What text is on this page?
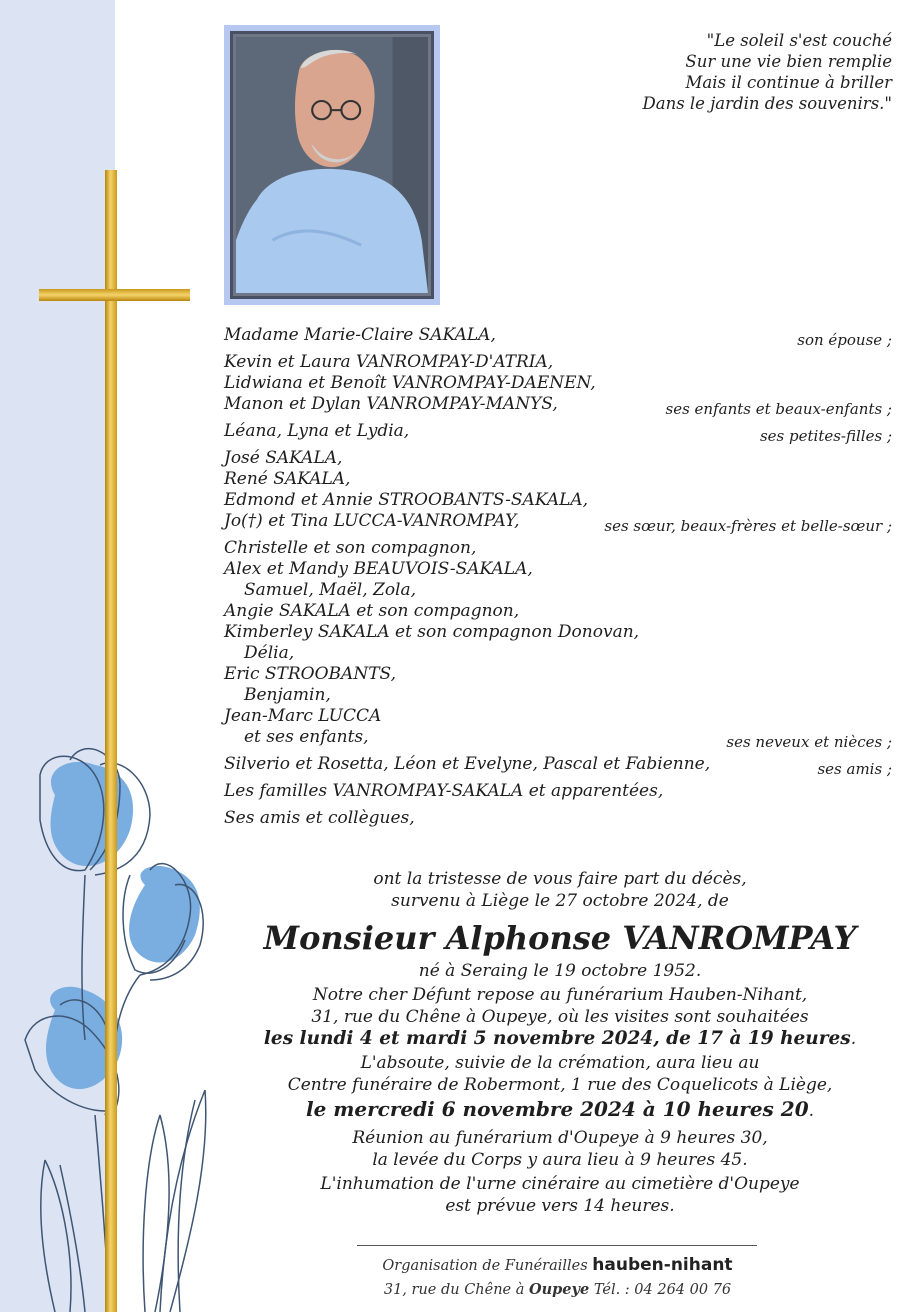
"Le soleil s'est couché
Sur une vie bien remplie
Mais il continue à briller
Dans le jardin des souvenirs."
Madame Marie-Claire SAKALA,	son épouse ;
Kevin et Laura VANROMPAY-D'ATRIA,
Lidwiana et Benoît VANROMPAY-DAENEN,
Manon et Dylan VANROMPAY-MANYS,	ses enfants et beaux-enfants ;
Léana, Lyna et Lydia,	ses petites-filles ;
José SAKALA,
René SAKALA,
Edmond et Annie STROOBANTS-SAKALA,
Jo(†) et Tina LUCCA-VANROMPAY,	ses sœur, beaux-frères et belle-sœur ;
Christelle et son compagnon,
Alex et Mandy BEAUVOIS-SAKALA,
Samuel, Maël, Zola,
Angie SAKALA et son compagnon,
Kimberley SAKALA et son compagnon Donovan,
Délia,
Eric STROOBANTS,
Benjamin,
Jean-Marc LUCCA
et ses enfants,	ses neveux et nièces ;
Silverio et Rosetta, Léon et Evelyne, Pascal et Fabienne,	ses amis ;
Les familles VANROMPAY-SAKALA et apparentées,
Ses amis et collègues,
ont la tristesse de vous faire part du décès,
survenu à Liège le 27 octobre 2024, de
Monsieur Alphonse VANROMPAY
né à Seraing le 19 octobre 1952.
Notre cher Défunt repose au funérarium Hauben-Nihant,
31, rue du Chêne à Oupeye, où les visites sont souhaitées
les lundi 4 et mardi 5 novembre 2024, de 17 à 19 heures.
L'absoute, suivie de la crémation, aura lieu au
Centre funéraire de Robermont, 1 rue des Coquelicots à Liège,
le mercredi 6 novembre 2024 à 10 heures 20.
Réunion au funérarium d'Oupeye à 9 heures 30,
la levée du Corps y aura lieu à 9 heures 45.
L'inhumation de l'urne cinéraire au cimetière d'Oupeye
est prévue vers 14 heures.
Organisation de Funérailles hauben-nihant
31, rue du Chêne à Oupeye Tél. : 04 264 00 76
